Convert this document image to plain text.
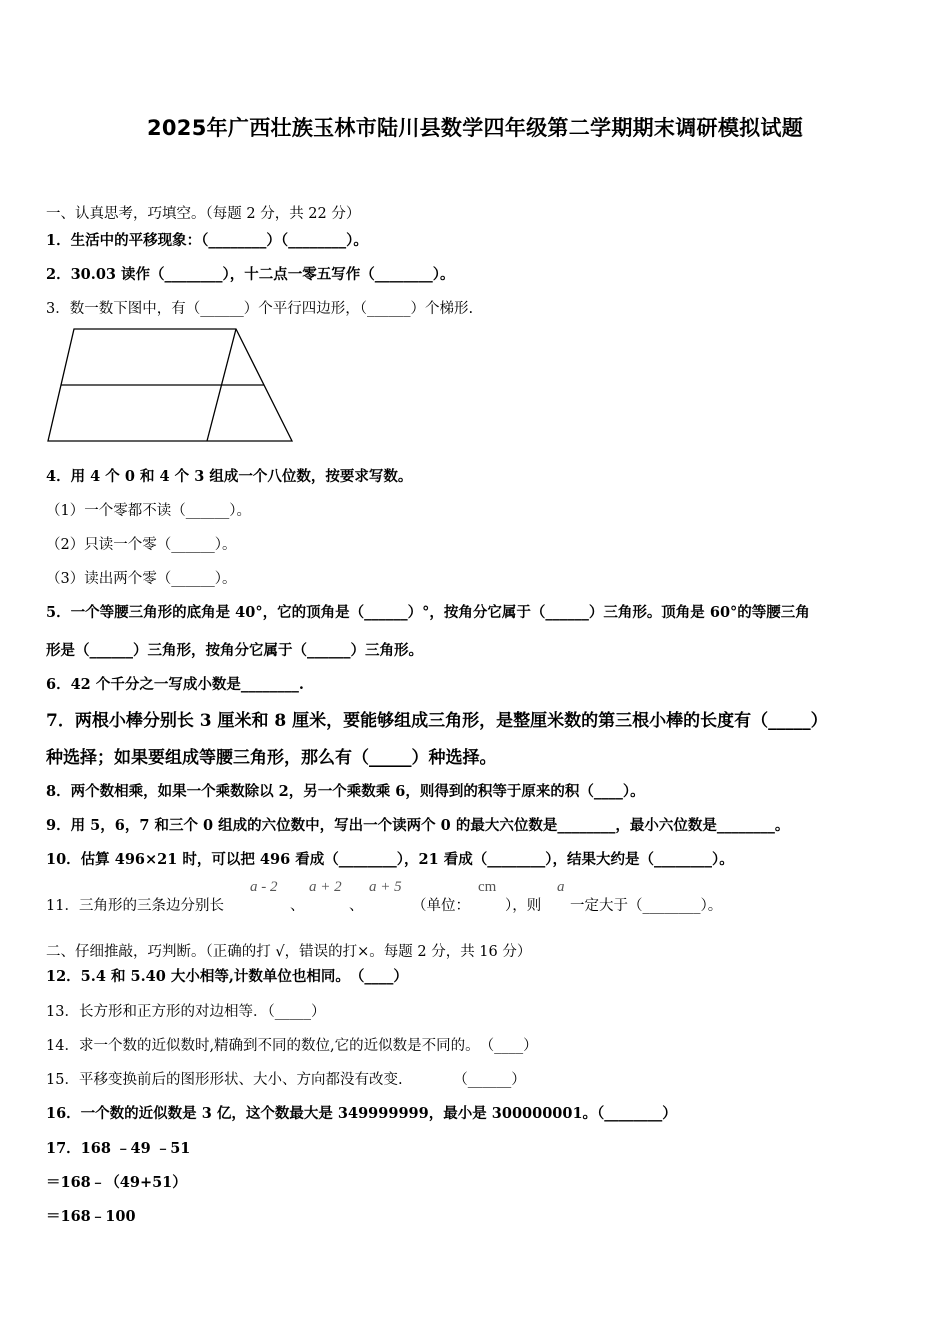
2025年广西壮族玉林市陆川县数学四年级第二学期期末调研模拟试题
一、认真思考，巧填空。（每题 2 分，共 22 分）
1．生活中的平移现象：（________）（________）。
2．30.03 读作（________），十二点一零五写作（________）。
3．数一数下图中，有（______）个平行四边形，（______）个梯形.
4．用 4 个 0 和 4 个 3 组成一个八位数，按要求写数。
（1）一个零都不读（______）。
（2）只读一个零（______）。
（3）读出两个零（______）。
5．一个等腰三角形的底角是 40°，它的顶角是（______）°，按角分它属于（______）三角形。顶角是 60°的等腰三角
形是（______）三角形，按角分它属于（______）三角形。
6．42 个千分之一写成小数是________.
7．两根小棒分别长 3 厘米和 8 厘米，要能够组成三角形，是整厘米数的第三根小棒的长度有（_____）
种选择；如果要组成等腰三角形，那么有（_____）种选择。
8．两个数相乘，如果一个乘数除以 2，另一个乘数乘 6，则得到的积等于原来的积（____）。
9．用 5，6，7 和三个 0 组成的六位数中，写出一个读两个 0 的最大六位数是________，最小六位数是________。
10．估算 496×21 时，可以把 496 看成（________），21 看成（________），结果大约是（________）。
11．三角形的三条边分别长
a - 2
、
a + 2
、
a + 5
（单位：
cm
），则
a
一定大于（________）。
二、仔细推敲，巧判断。（正确的打 √，错误的打×。每题 2 分，共 16 分）
12．5.4 和 5.40 大小相等,计数单位也相同。　（____）
13．长方形和正方形的对边相等．（_____）
14．求一个数的近似数时,精确到不同的数位,它的近似数是不同的。　（____）
15．平移变换前后的图形形状、大小、方向都没有改变.　　　　（______）
16．一个数的近似数是 3 亿，这个数最大是 349999999，最小是 300000001。（________）
17．168 ﹣49 ﹣51
＝168﹣（49+51）
＝168﹣100
